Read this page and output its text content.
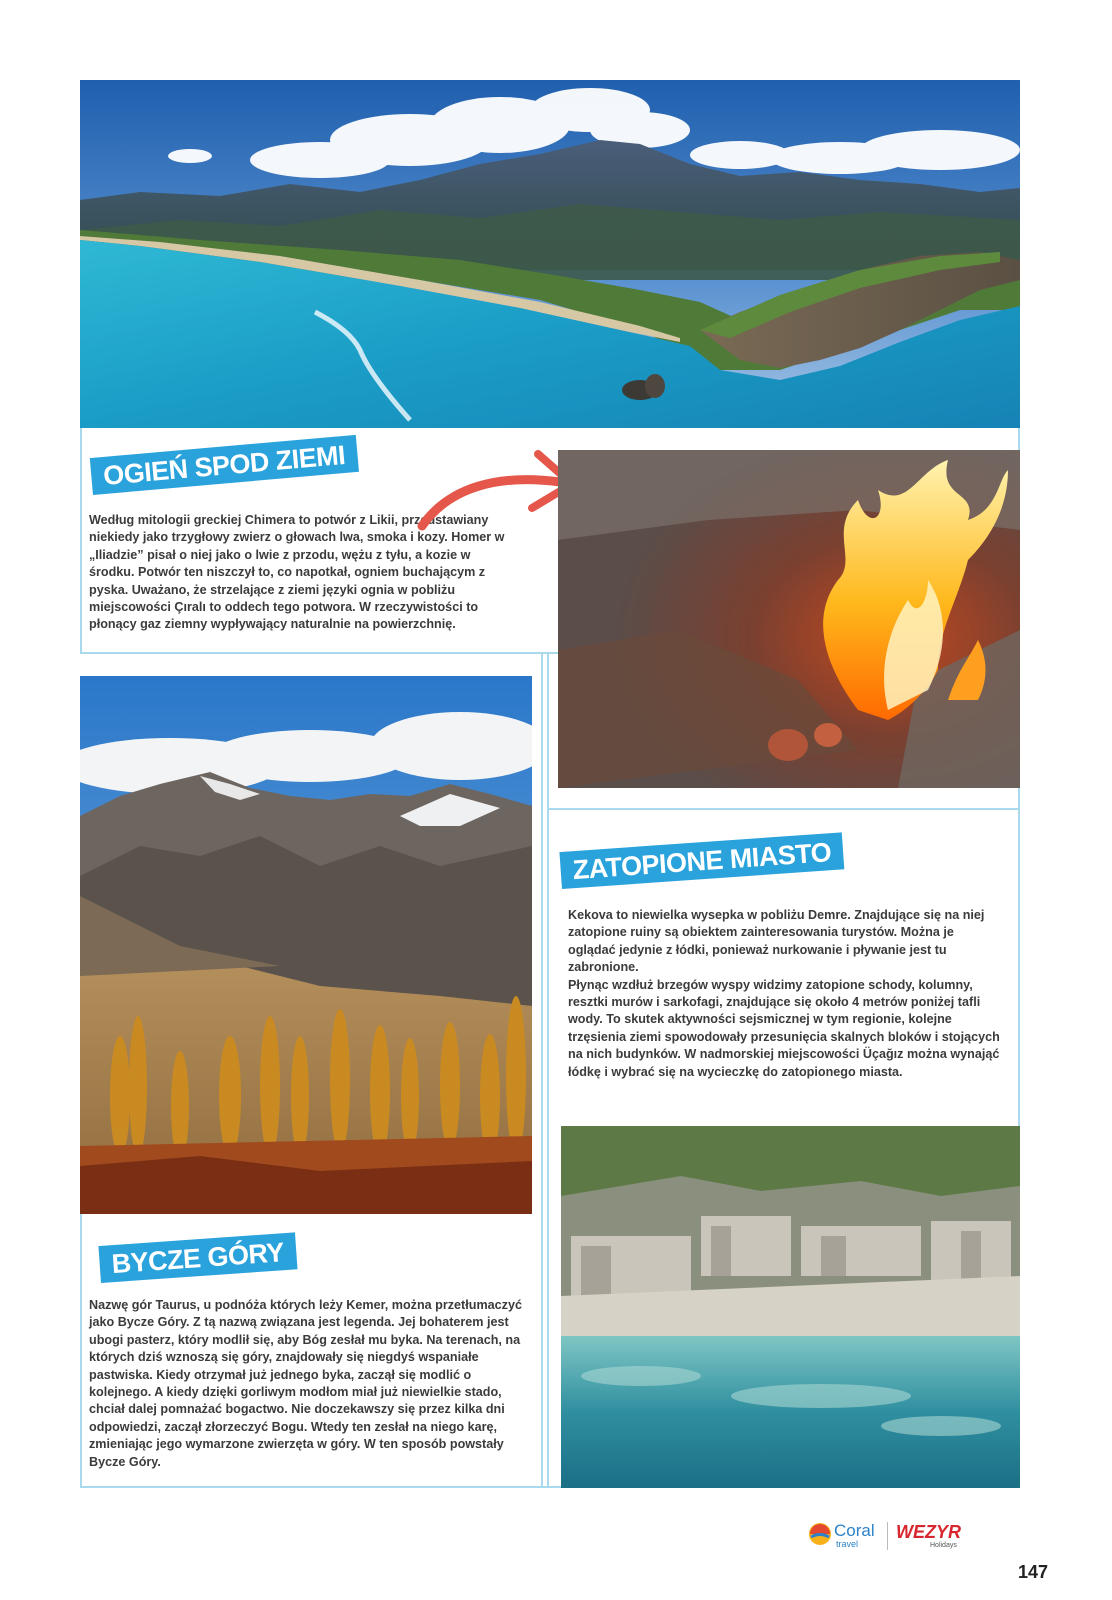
OGIEŃ SPOD ZIEMI

Według mitologii greckiej Chimera to potwór z Likii, przedstawiany niekiedy jako trzygłowy zwierz o głowach lwa, smoka i kozy. Homer w „Iliadzie” pisał o niej jako o lwie z przodu, wężu z tyłu, a kozie w środku. Potwór ten niszczył to, co napotkał, ogniem buchającym z pyska. Uważano, że strzelające z ziemi języki ognia w pobliżu miejscowości Çıralı to oddech tego potwora. W rzeczywistości to płonący gaz ziemny wypływający naturalnie na powierzchnię.

ZATOPIONE MIASTO

Kekova to niewielka wysepka w pobliżu Demre. Znajdujące się na niej zatopione ruiny są obiektem zainteresowania turystów. Można je oglądać jedynie z łódki, ponieważ nurkowanie i pływanie jest tu zabronione.

Płynąc wzdłuż brzegów wyspy widzimy zatopione schody, kolumny, resztki murów i sarkofagi, znajdujące się około 4 metrów poniżej tafli wody. To skutek aktywności sejsmicznej w tym regionie, kolejne trzęsienia ziemi spowodowały przesunięcia skalnych bloków i stojących na nich budynków. W nadmorskiej miejscowości Üçağız można wynająć łódkę i wybrać się na wycieczkę do zatopionego miasta.

BYCZE GÓRY

Nazwę gór Taurus, u podnóża których leży Kemer, można przetłumaczyć jako Bycze Góry. Z tą nazwą związana jest legenda. Jej bohaterem jest ubogi pasterz, który modlił się, aby Bóg zesłał mu byka. Na terenach, na których dziś wznoszą się góry, znajdowały się niegdyś wspaniałe pastwiska. Kiedy otrzymał już jednego byka, zaczął się modlić o kolejnego. A kiedy dzięki gorliwym modłom miał już niewielkie stado, chciał dalej pomnażać bogactwo. Nie doczekawszy się przez kilka dni odpowiedzi, zaczął złorzeczyć Bogu. Wtedy ten zesłał na niego karę, zmieniając jego wymarzone zwierzęta w góry. W ten sposób powstały Bycze Góry.

Coral
travel
WEZYR
Holidays
147
